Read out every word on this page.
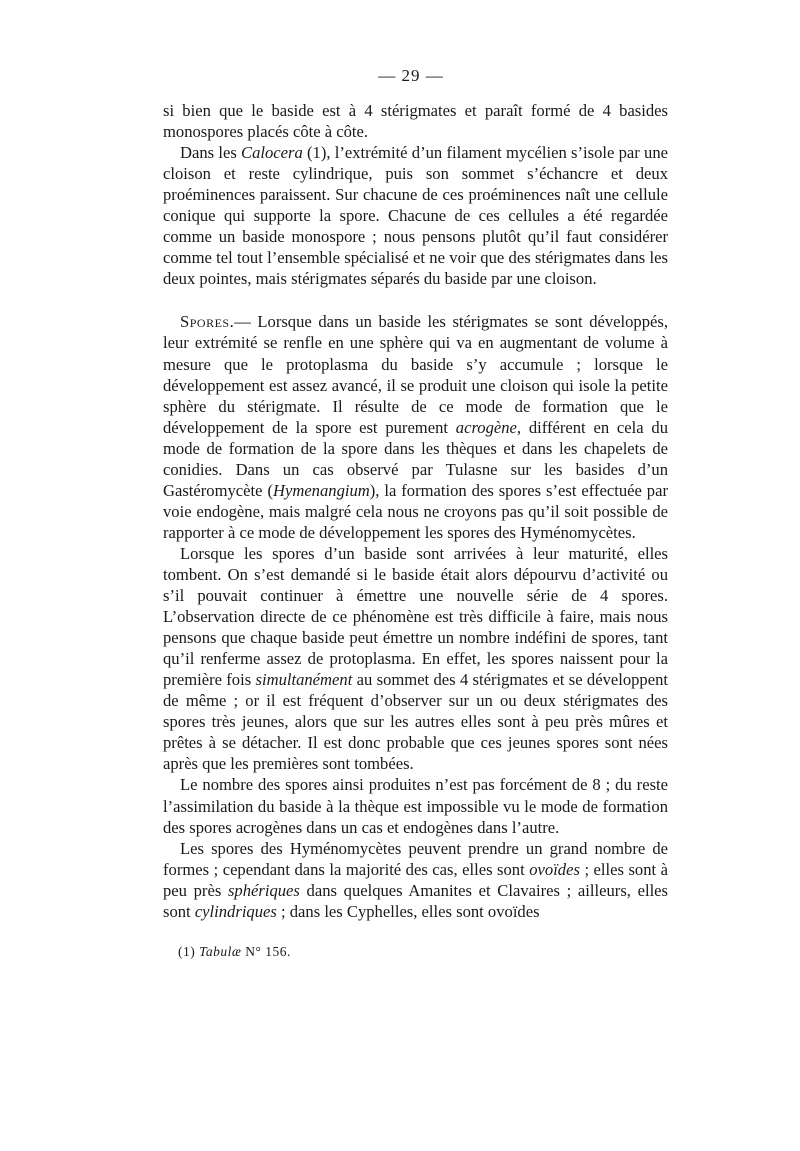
— 29 —

si bien que le baside est à 4 stérigmates et paraît formé de 4 basides monospores placés côte à côte.

Dans les Calocera (1), l’extrémité d’un filament mycélien s’isole par une cloison et reste cylindrique, puis son sommet s’échancre et deux proéminences paraissent. Sur chacune de ces proéminences naît une cellule conique qui supporte la spore. Chacune de ces cellules a été regardée comme un baside monospore ; nous pensons plutôt qu’il faut considérer comme tel tout l’ensemble spécialisé et ne voir que des stérigmates dans les deux pointes, mais stérigmates séparés du baside par une cloison.

Spores.— Lorsque dans un baside les stérigmates se sont développés, leur extrémité se renfle en une sphère qui va en augmentant de volume à mesure que le protoplasma du baside s’y accumule ; lorsque le développement est assez avancé, il se produit une cloison qui isole la petite sphère du stérigmate. Il résulte de ce mode de formation que le développement de la spore est purement acrogène, différent en cela du mode de formation de la spore dans les thèques et dans les chapelets de conidies. Dans un cas observé par Tulasne sur les basides d’un Gastéromycète (Hymenangium), la formation des spores s’est effectuée par voie endogène, mais malgré cela nous ne croyons pas qu’il soit possible de rapporter à ce mode de développement les spores des Hyménomycètes.

Lorsque les spores d’un baside sont arrivées à leur maturité, elles tombent. On s’est demandé si le baside était alors dépourvu d’activité ou s’il pouvait continuer à émettre une nouvelle série de 4 spores. L’observation directe de ce phénomène est très difficile à faire, mais nous pensons que chaque baside peut émettre un nombre indéfini de spores, tant qu’il renferme assez de protoplasma. En effet, les spores naissent pour la première fois simultanément au sommet des 4 stérigmates et se développent de même ; or il est fréquent d’observer sur un ou deux stérigmates des spores très jeunes, alors que sur les autres elles sont à peu près mûres et prêtes à se détacher. Il est donc probable que ces jeunes spores sont nées après que les premières sont tombées.

Le nombre des spores ainsi produites n’est pas forcément de 8 ; du reste l’assimilation du baside à la thèque est impossible vu le mode de formation des spores acrogènes dans un cas et endogènes dans l’autre.

Les spores des Hyménomycètes peuvent prendre un grand nombre de formes ; cependant dans la majorité des cas, elles sont ovoïdes ; elles sont à peu près sphériques dans quelques Amanites et Clavaires ; ailleurs, elles sont cylindriques ; dans les Cyphelles, elles sont ovoïdes

(1) Tabulæ N° 156.
